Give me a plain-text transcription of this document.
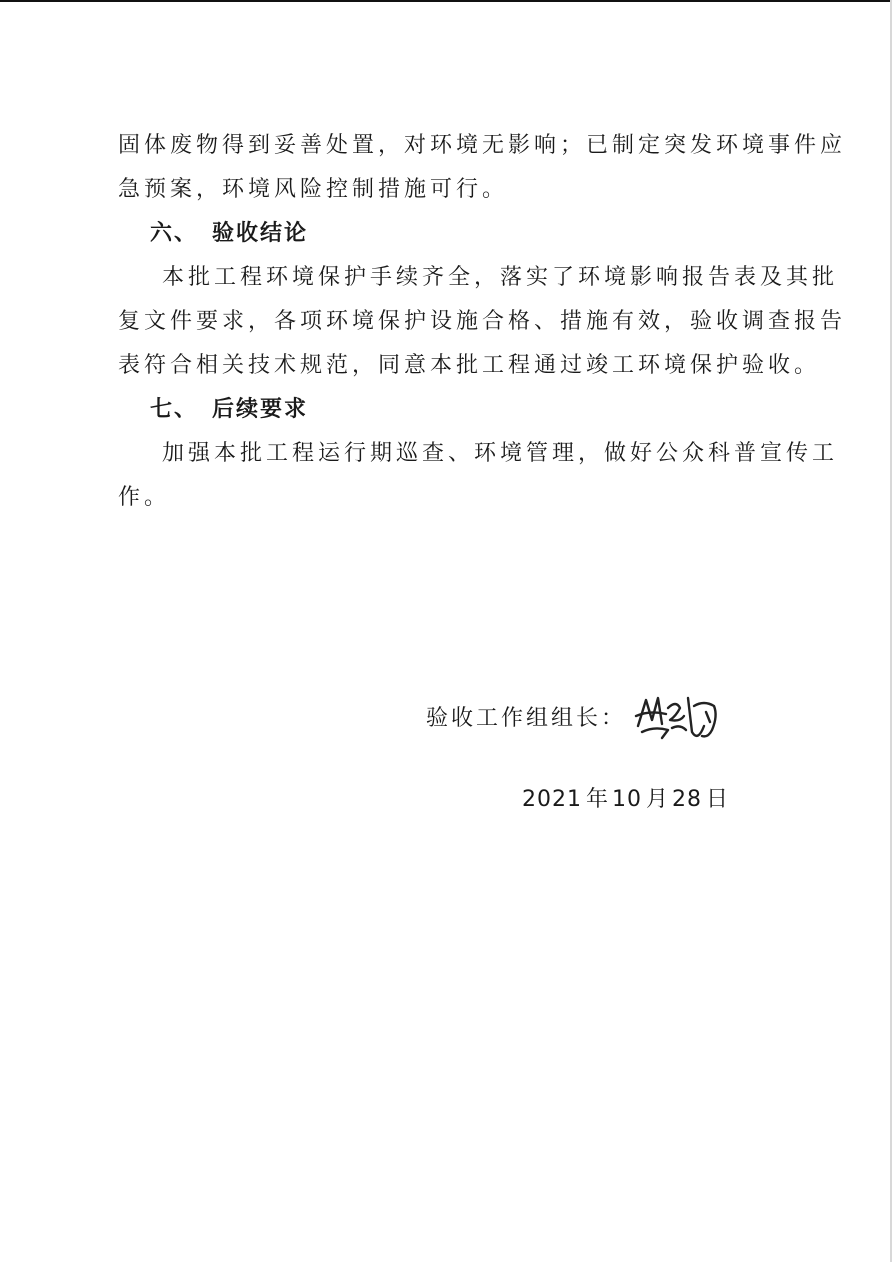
固体废物得到妥善处置，对环境无影响；已制定突发环境事件应
急预案，环境风险控制措施可行。
六、 验收结论
本批工程环境保护手续齐全，落实了环境影响报告表及其批
复文件要求，各项环境保护设施合格、措施有效，验收调查报告
表符合相关技术规范，同意本批工程通过竣工环境保护验收。
七、 后续要求
加强本批工程运行期巡查、环境管理，做好公众科普宣传工
作。
验收工作组组长：
2021 年 10 月 28 日
